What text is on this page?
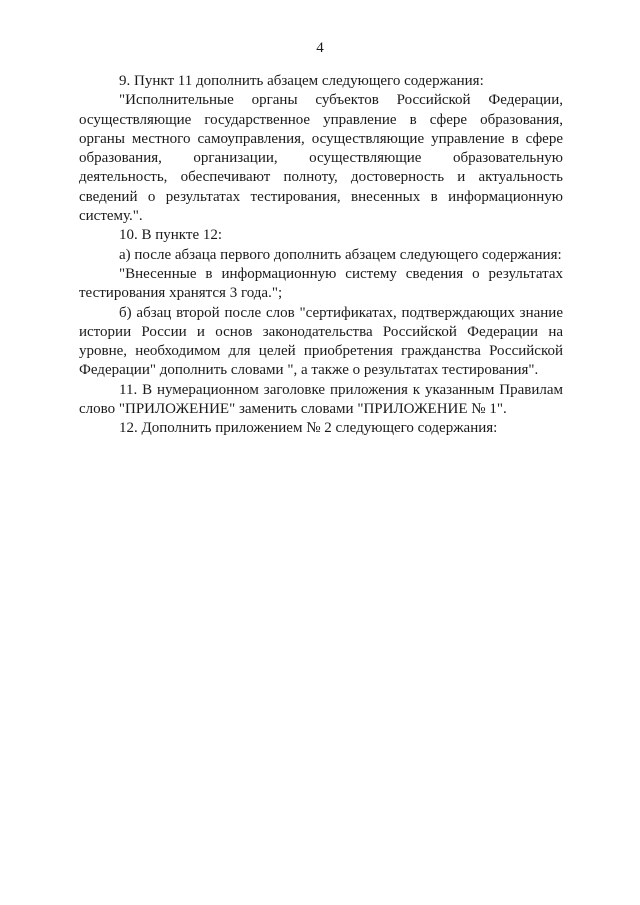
4

9. Пункт 11 дополнить абзацем следующего содержания:

"Исполнительные органы субъектов Российской Федерации, осуществляющие государственное управление в сфере образования, органы местного самоуправления, осуществляющие управление в сфере образования, организации, осуществляющие образовательную деятельность, обеспечивают полноту, достоверность и актуальность сведений о результатах тестирования, внесенных в информационную систему.".

10. В пункте 12:

а) после абзаца первого дополнить абзацем следующего содержания:

"Внесенные в информационную систему сведения о результатах тестирования хранятся 3 года.";

б) абзац второй после слов "сертификатах, подтверждающих знание истории России и основ законодательства Российской Федерации на уровне, необходимом для целей приобретения гражданства Российской Федерации" дополнить словами ", а также о результатах тестирования".

11. В нумерационном заголовке приложения к указанным Правилам слово "ПРИЛОЖЕНИЕ" заменить словами "ПРИЛОЖЕНИЕ № 1".

12. Дополнить приложением № 2 следующего содержания:
